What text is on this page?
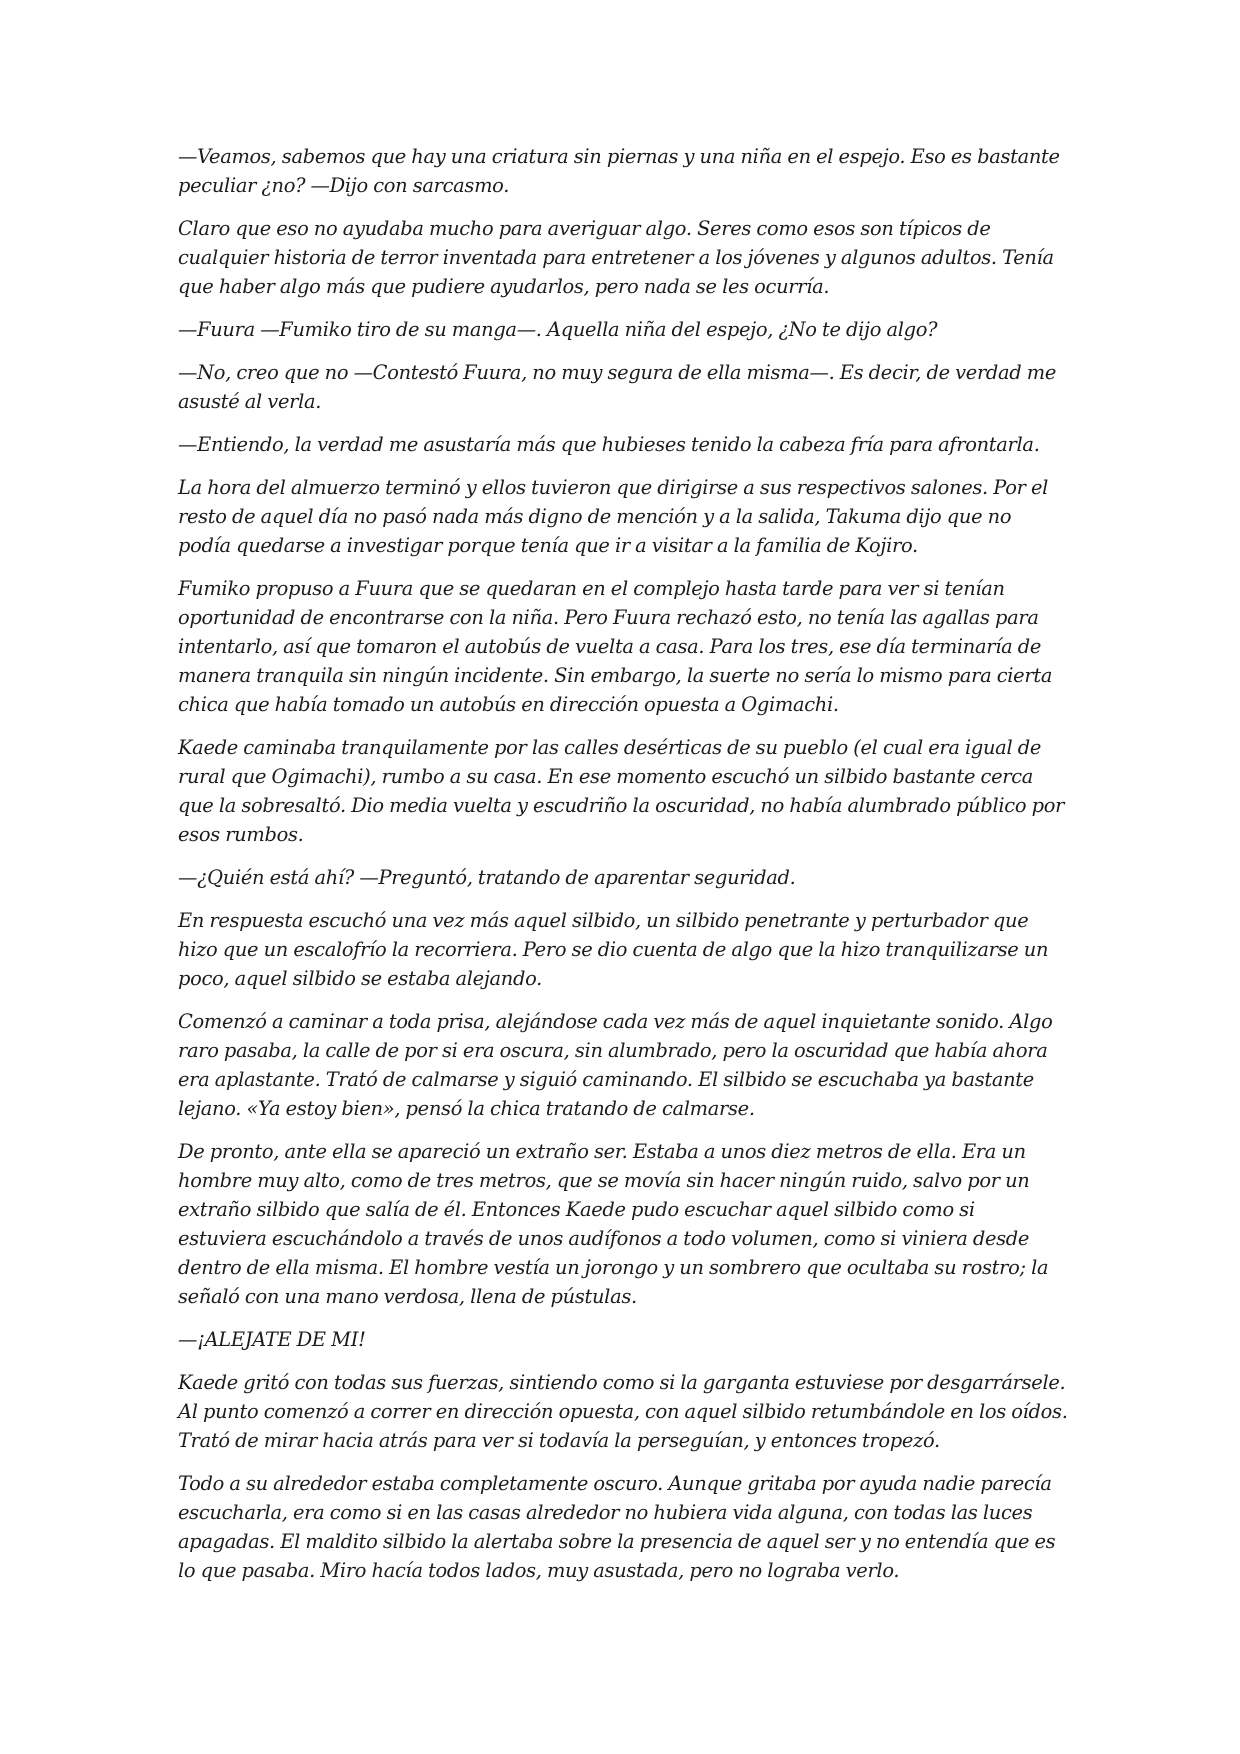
—Veamos, sabemos que hay una criatura sin piernas y una niña en el espejo. Eso es bastante peculiar ¿no? —Dijo con sarcasmo.

Claro que eso no ayudaba mucho para averiguar algo. Seres como esos son típicos de cualquier historia de terror inventada para entretener a los jóvenes y algunos adultos. Tenía que haber algo más que pudiere ayudarlos, pero nada se les ocurría.

—Fuura —Fumiko tiro de su manga—. Aquella niña del espejo, ¿No te dijo algo?

—No, creo que no —Contestó Fuura, no muy segura de ella misma—. Es decir, de verdad me asusté al verla.

—Entiendo, la verdad me asustaría más que hubieses tenido la cabeza fría para afrontarla.

La hora del almuerzo terminó y ellos tuvieron que dirigirse a sus respectivos salones. Por el resto de aquel día no pasó nada más digno de mención y a la salida, Takuma dijo que no podía quedarse a investigar porque tenía que ir a visitar a la familia de Kojiro.

Fumiko propuso a Fuura que se quedaran en el complejo hasta tarde para ver si tenían oportunidad de encontrarse con la niña. Pero Fuura rechazó esto, no tenía las agallas para intentarlo, así que tomaron el autobús de vuelta a casa. Para los tres, ese día terminaría de manera tranquila sin ningún incidente. Sin embargo, la suerte no sería lo mismo para cierta chica que había tomado un autobús en dirección opuesta a Ogimachi.

Kaede caminaba tranquilamente por las calles desérticas de su pueblo (el cual era igual de rural que Ogimachi), rumbo a su casa. En ese momento escuchó un silbido bastante cerca que la sobresaltó. Dio media vuelta y escudriño la oscuridad, no había alumbrado público por esos rumbos.

—¿Quién está ahí? —Preguntó, tratando de aparentar seguridad.

En respuesta escuchó una vez más aquel silbido, un silbido penetrante y perturbador que hizo que un escalofrío la recorriera. Pero se dio cuenta de algo que la hizo tranquilizarse un poco, aquel silbido se estaba alejando.

Comenzó a caminar a toda prisa, alejándose cada vez más de aquel inquietante sonido. Algo raro pasaba, la calle de por si era oscura, sin alumbrado, pero la oscuridad que había ahora era aplastante. Trató de calmarse y siguió caminando. El silbido se escuchaba ya bastante lejano. «Ya estoy bien», pensó la chica tratando de calmarse.

De pronto, ante ella se apareció un extraño ser. Estaba a unos diez metros de ella. Era un hombre muy alto, como de tres metros, que se movía sin hacer ningún ruido, salvo por un extraño silbido que salía de él. Entonces Kaede pudo escuchar aquel silbido como si estuviera escuchándolo a través de unos audífonos a todo volumen, como si viniera desde dentro de ella misma. El hombre vestía un jorongo y un sombrero que ocultaba su rostro; la señaló con una mano verdosa, llena de pústulas.

—¡ALEJATE DE MI!

Kaede gritó con todas sus fuerzas, sintiendo como si la garganta estuviese por desgarrársele. Al punto comenzó a correr en dirección opuesta, con aquel silbido retumbándole en los oídos. Trató de mirar hacia atrás para ver si todavía la perseguían, y entonces tropezó.

Todo a su alrededor estaba completamente oscuro. Aunque gritaba por ayuda nadie parecía escucharla, era como si en las casas alrededor no hubiera vida alguna, con todas las luces apagadas. El maldito silbido la alertaba sobre la presencia de aquel ser y no entendía que es lo que pasaba. Miro hacía todos lados, muy asustada, pero no lograba verlo.
